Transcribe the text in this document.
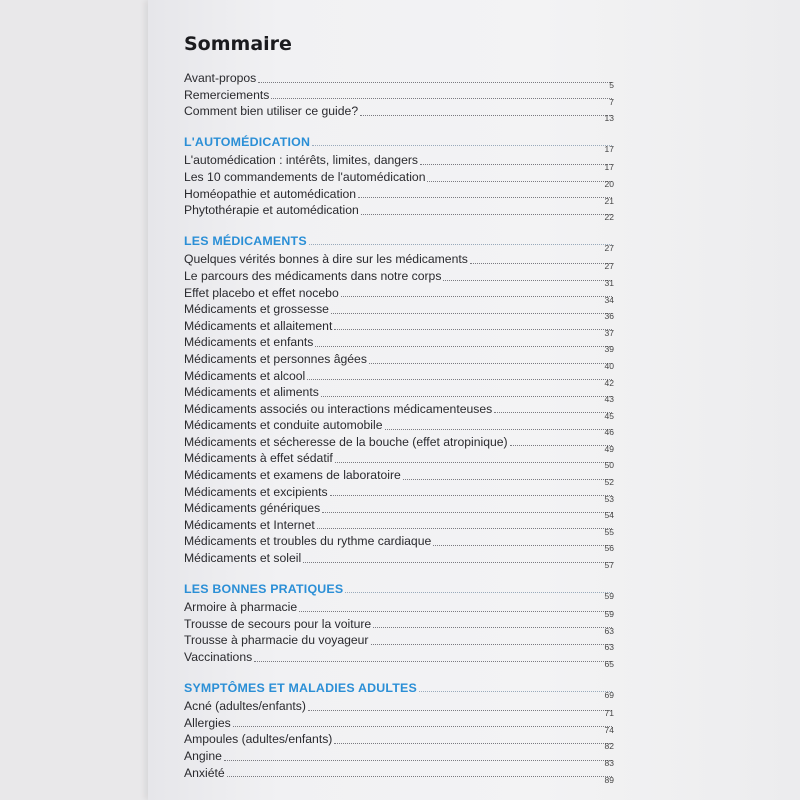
Sommaire
Avant-propos	5
Remerciements	7
Comment bien utiliser ce guide?	13
L'AUTOMÉDICATION	17
L'automédication : intérêts, limites, dangers	17
Les 10 commandements de l'automédication	20
Homéopathie et automédication	21
Phytothérapie et automédication	22
LES MÉDICAMENTS	27
Quelques vérités bonnes à dire sur les médicaments	27
Le parcours des médicaments dans notre corps	31
Effet placebo et effet nocebo	34
Médicaments et grossesse	36
Médicaments et allaitement	37
Médicaments et enfants	39
Médicaments et personnes âgées	40
Médicaments et alcool	42
Médicaments et aliments	43
Médicaments associés ou interactions médicamenteuses	45
Médicaments et conduite automobile	46
Médicaments et sécheresse de la bouche (effet atropinique)	49
Médicaments à effet sédatif	50
Médicaments et examens de laboratoire	52
Médicaments et excipients	53
Médicaments génériques	54
Médicaments et Internet	55
Médicaments et troubles du rythme cardiaque	56
Médicaments et soleil	57
LES BONNES PRATIQUES	59
Armoire à pharmacie	59
Trousse de secours pour la voiture	63
Trousse à pharmacie du voyageur	63
Vaccinations	65
SYMPTÔMES ET MALADIES ADULTES	69
Acné (adultes/enfants)	71
Allergies	74
Ampoules (adultes/enfants)	82
Angine	83
Anxiété	89
